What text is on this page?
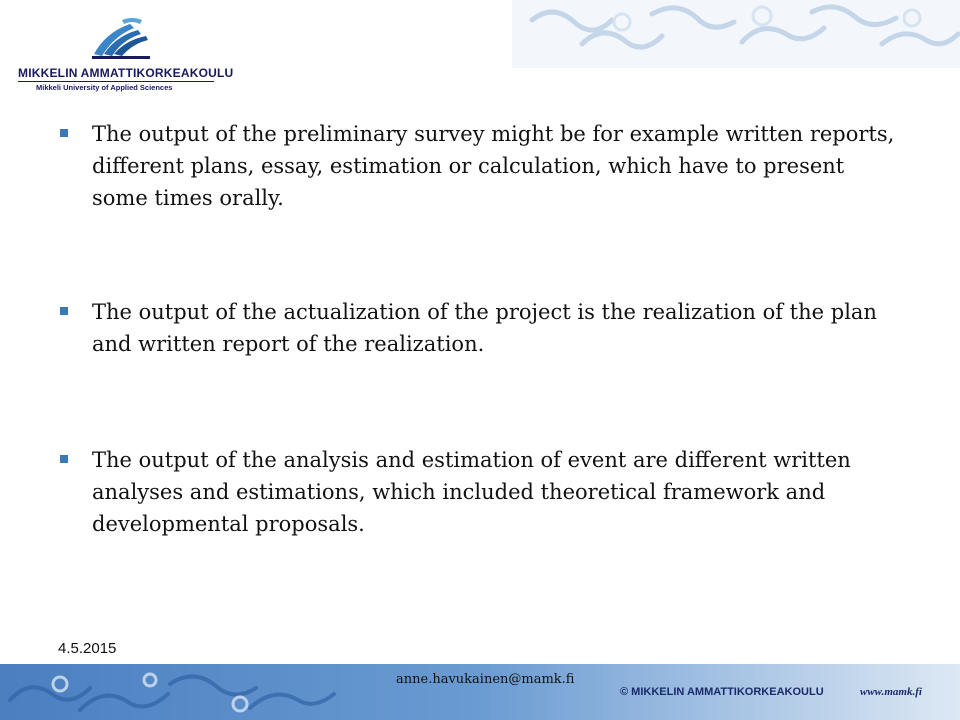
MIKKELIN AMMATTIKORKEAKOULU
Mikkeli University of Applied Sciences
The output of the preliminary survey might be for example written reports, different plans, essay, estimation or calculation, which have to present some times orally.
The output of the actualization of the project is the realization of the plan and written report of the realization.
The output of the analysis and estimation of event are different written analyses and estimations, which included theoretical framework and developmental proposals.
4.5.2015
anne.havukainen@mamk.fi
© MIKKELIN AMMATTIKORKEAKOULU	www.mamk.fi
